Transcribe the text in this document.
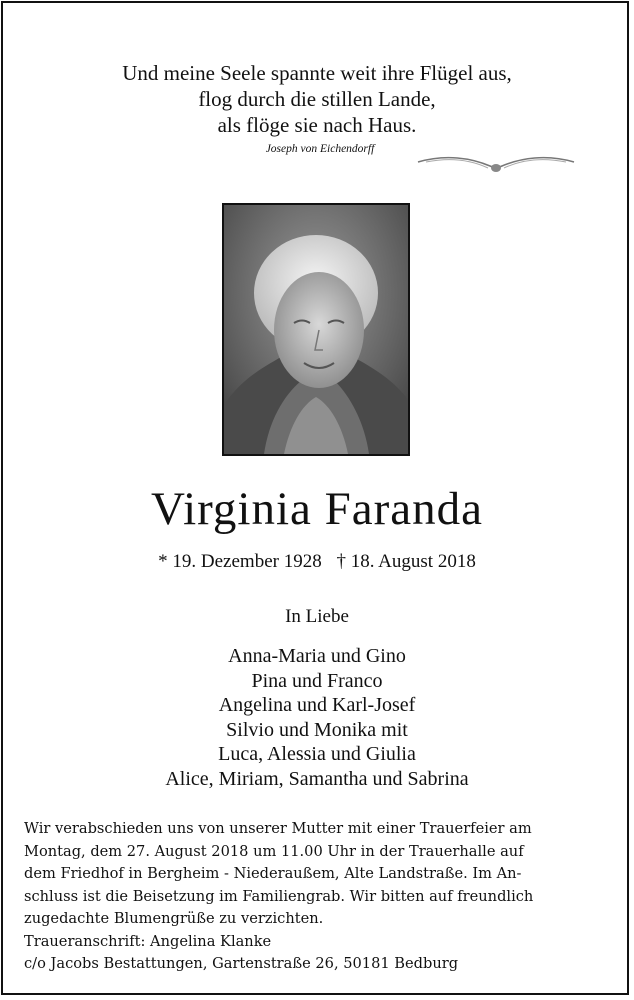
Und meine Seele spannte weit ihre Flügel aus,
flog durch die stillen Lande,
als flöge sie nach Haus.
Joseph von Eichendorff
Virginia Faranda
* 19. Dezember 1928 † 18. August 2018
In Liebe
Anna-Maria und Gino
Pina und Franco
Angelina und Karl-Josef
Silvio und Monika mit
Luca, Alessia und Giulia
Alice, Miriam, Samantha und Sabrina
Wir verabschieden uns von unserer Mutter mit einer Trauerfeier am
Montag, dem 27. August 2018 um 11.00 Uhr in der Trauerhalle auf
dem Friedhof in Bergheim - Niederaußem, Alte Landstraße. Im An-
schluss ist die Beisetzung im Familiengrab. Wir bitten auf freundlich
zugedachte Blumengrüße zu verzichten.
Traueranschrift: Angelina Klanke
c/o Jacobs Bestattungen, Gartenstraße 26, 50181 Bedburg
